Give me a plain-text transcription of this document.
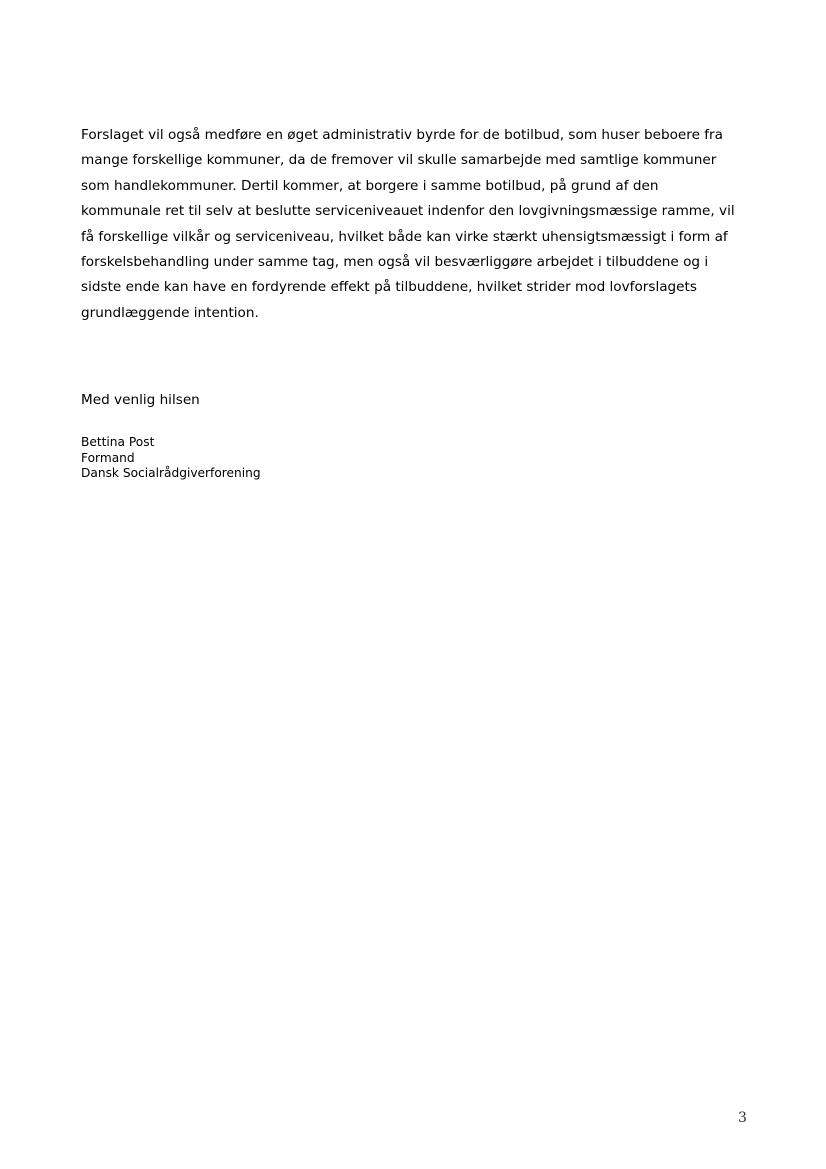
Forslaget vil også medføre en øget administrativ byrde for de botilbud, som huser beboere fra
mange forskellige kommuner, da de fremover vil skulle samarbejde med samtlige kommuner
som handlekommuner. Dertil kommer, at borgere i samme botilbud, på grund af den
kommunale ret til selv at beslutte serviceniveauet indenfor den lovgivningsmæssige ramme, vil
få forskellige vilkår og serviceniveau, hvilket både kan virke stærkt uhensigtsmæssigt i form af
forskelsbehandling under samme tag, men også vil besværliggøre arbejdet i tilbuddene og i
sidste ende kan have en fordyrende effekt på tilbuddene, hvilket strider mod lovforslagets
grundlæggende intention.

Med venlig hilsen

Bettina Post
Formand
Dansk Socialrådgiverforening
3
